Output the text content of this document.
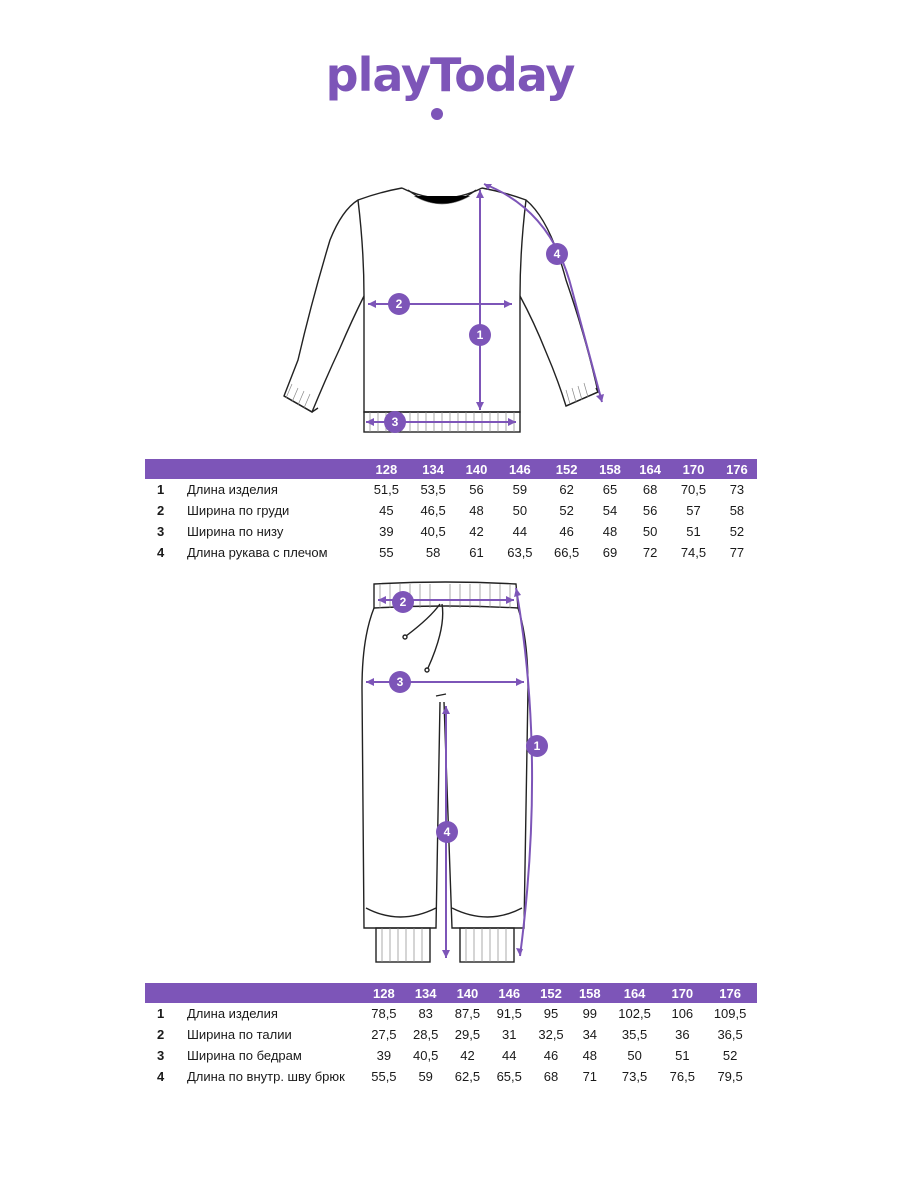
playToday
1
2
3
4
		128	134	140	146	152	158	164	170	176
1	Длина изделия	51,5	53,5	56	59	62	65	68	70,5	73
2	Ширина по груди	45	46,5	48	50	52	54	56	57	58
3	Ширина по низу	39	40,5	42	44	46	48	50	51	52
4	Длина рукава с плечом	55	58	61	63,5	66,5	69	72	74,5	77
1
2
3
4
		128	134	140	146	152	158	164	170	176
1	Длина изделия	78,5	83	87,5	91,5	95	99	102,5	106	109,5
2	Ширина по талии	27,5	28,5	29,5	31	32,5	34	35,5	36	36,5
3	Ширина по бедрам	39	40,5	42	44	46	48	50	51	52
4	Длина по внутр. шву брюк	55,5	59	62,5	65,5	68	71	73,5	76,5	79,5
